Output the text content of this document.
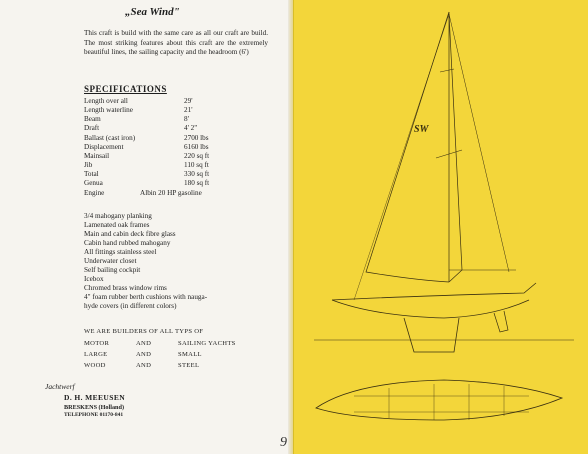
„Sea Wind"
This craft is build with the same care as all our craft are build. The most striking features about this craft are the extremely beautiful lines, the sailing capacity and the headroom (6')
SPECIFICATIONS
Length over all	29'
Length waterline	21'
Beam	8'
Draft	4' 2"
Ballast (cast iron)	2700 lbs
Displacement	6160 lbs
Mainsail	220 sq ft
Jib	110 sq ft
Total	330 sq ft
Genua	180 sq ft
Engine	Albin 20 HP gasoline
3/4 mahogany planking
Lamenated oak frames
Main and cabin deck fibre glass
Cabin hand rubbed mahogany
All fittings stainless steel
Underwater closet
Self bailing cockpit
Icebox
Chromed brass window rims
4" foam rubber berth cushions with nauga-
hyde covers (in different colors)
WE ARE BUILDERS OF ALL TYPS OF
MOTOR	AND	SAILING YACHTS
LARGE	AND	SMALL
WOOD	AND	STEEL
Jachtwerf
D. H. MEEUSEN
BRESKENS (Holland)
TELEPHONE 01170-841
9
SW
